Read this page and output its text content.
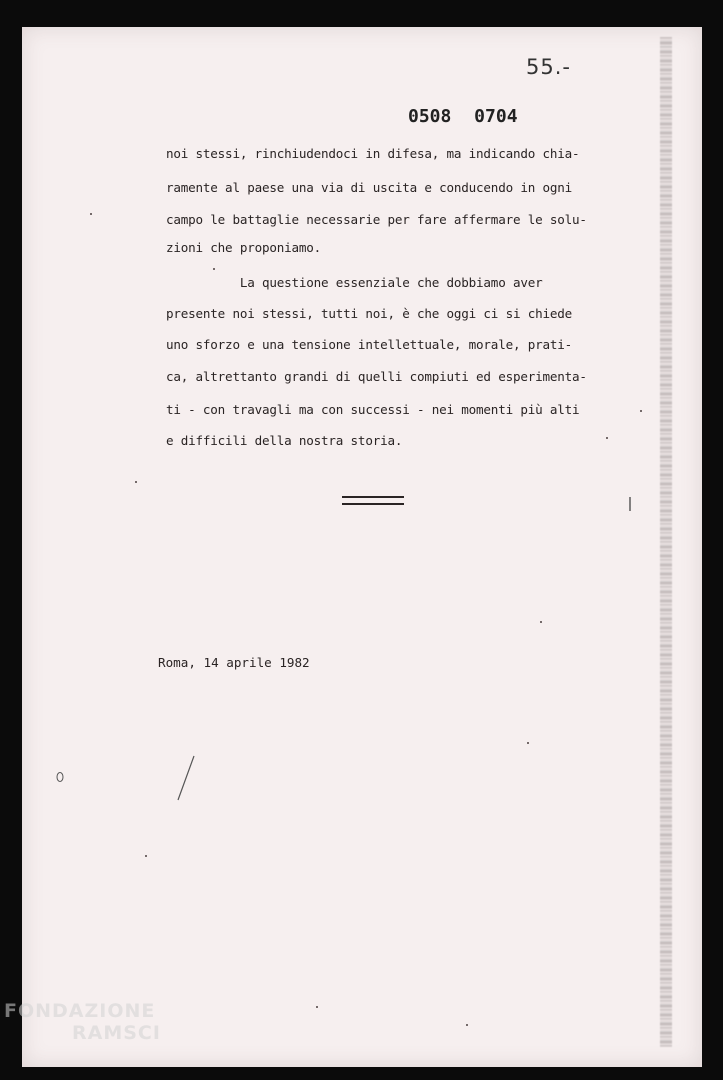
55.-
0508 0704
noi stessi, rinchiudendoci in difesa, ma indicando chia-
ramente al paese una via di uscita e conducendo in ogni
campo le battaglie necessarie per fare affermare le solu-
zioni che proponiamo.
La questione essenziale che dobbiamo aver
presente noi stessi, tutti noi, è che oggi ci si chiede
uno sforzo e una tensione intellettuale, morale, prati-
ca, altrettanto grandi di quelli compiuti ed esperimenta-
ti - con travagli ma con successi - nei momenti più alti
e difficili della nostra storia.
Roma, 14 aprile 1982
FONDAZIONE
RAMSCI
